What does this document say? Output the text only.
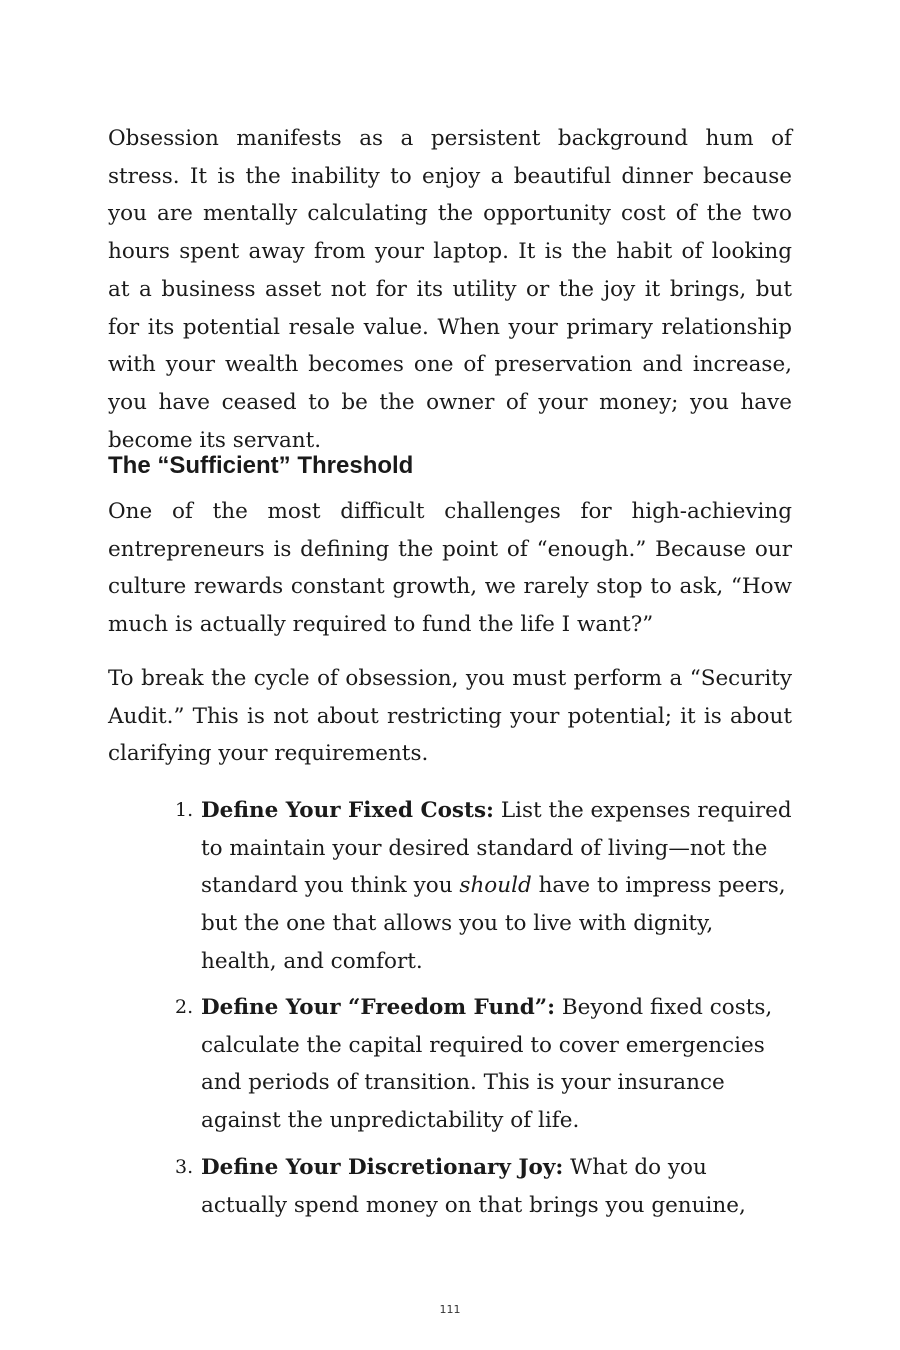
Obsession manifests as a persistent background hum of stress. It is the inability to enjoy a beautiful dinner because you are mentally calculating the opportunity cost of the two hours spent away from your laptop. It is the habit of looking at a business asset not for its utility or the joy it brings, but for its potential resale value. When your primary relationship with your wealth becomes one of preservation and increase, you have ceased to be the owner of your money; you have become its servant.

The “Sufficient” Threshold

One of the most difficult challenges for high-achieving entrepreneurs is defining the point of “enough.” Because our culture rewards constant growth, we rarely stop to ask, “How much is actually required to fund the life I want?”

To break the cycle of obsession, you must perform a “Security Audit.” This is not about restricting your potential; it is about clarifying your requirements.

1. Define Your Fixed Costs: List the expenses required to maintain your desired standard of living—not the standard you think you should have to impress peers, but the one that allows you to live with dignity, health, and comfort.
2. Define Your “Freedom Fund”: Beyond fixed costs, calculate the capital required to cover emergencies and periods of transition. This is your insurance against the unpredictability of life.
3. Define Your Discretionary Joy: What do you actually spend money on that brings you genuine,
111
